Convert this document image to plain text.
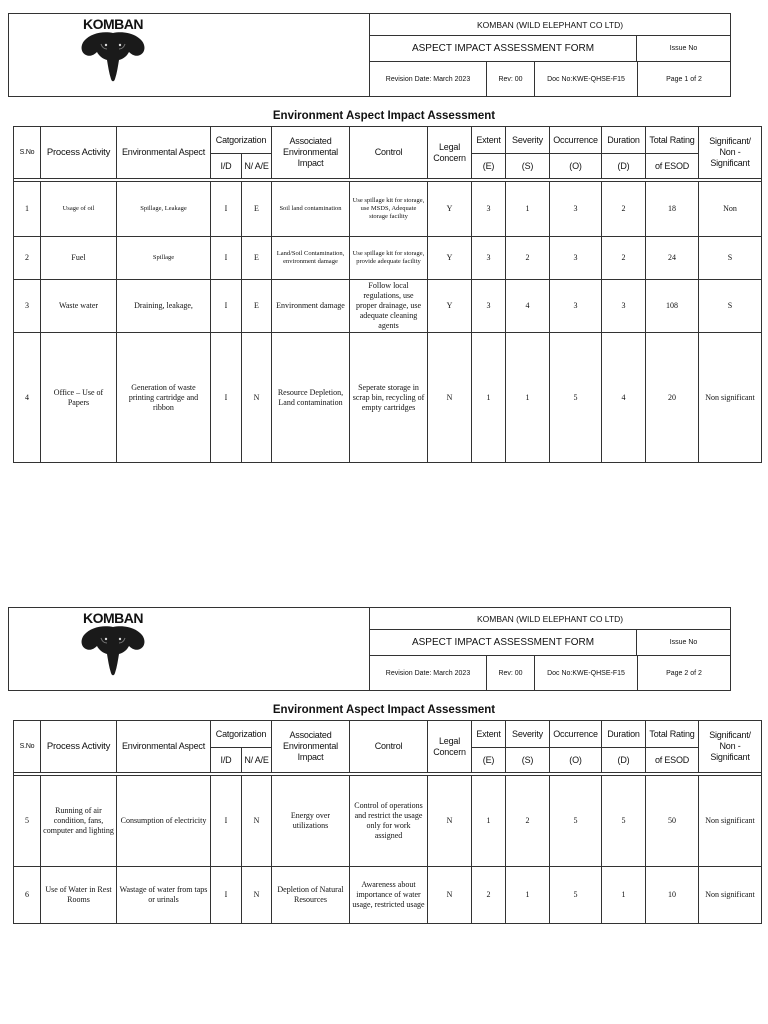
KOMBAN	KOMBAN (WILD ELEPHANT CO LTD)
ASPECT IMPACT ASSESSMENT FORM	Issue No
Revision Date: March 2023	Rev: 00	Doc No:KWE-QHSE-F15	Page 1 of 2
Environment Aspect Impact Assessment
S.No	Process Activity	Environmental Aspect	Catgorization		Associated Environmental Impact	Control	Legal Concern	Extent	Severity	Occurrence	Duration	Total Rating	Significant/ Non - Significant
			I/D	N/ A/E				(E)	(S)	(O)	(D)	of ESOD	

1	Usage of oil	Spillage, Leakage	I	E	Soil land contamination	Use spillage kit for storage, use MSDS, Adequate storage facility	Y	3	1	3	2	18	Non
2	Fuel	Spillage	I	E	Land/Soil Contamination, environment damage	Use spillage kit for storage, provide adequate facility	Y	3	2	3	2	24	S
3	Waste water	Draining, leakage,	I	E	Environment damage	Follow local regulations, use proper drainage, use adequate cleaning agents	Y	3	4	3	3	108	S
4	Office – Use of Papers	Generation of waste printing cartridge and ribbon	I	N	Resource Depletion, Land contamination	Seperate storage in scrap bin, recycling of empty cartridges	N	1	1	5	4	20	Non significant
KOMBAN	KOMBAN (WILD ELEPHANT CO LTD)
ASPECT IMPACT ASSESSMENT FORM	Issue No
Revision Date: March 2023	Rev: 00	Doc No:KWE-QHSE-F15	Page 2 of 2
Environment Aspect Impact Assessment
S.No	Process Activity	Environmental Aspect	Catgorization		Associated Environmental Impact	Control	Legal Concern	Extent	Severity	Occurrence	Duration	Total Rating	Significant/ Non - Significant
			I/D	N/ A/E				(E)	(S)	(O)	(D)	of ESOD	

5	Running of air condition, fans, computer and lighting	Consumption of electricity	I	N	Energy over utilizations	Control of operations and restrict the usage only for work assigned	N	1	2	5	5	50	Non significant
6	Use of Water in Rest Rooms	Wastage of water from taps or urinals	I	N	Depletion of Natural Resources	Awareness about importance of water usage, restricted usage	N	2	1	5	1	10	Non significant
